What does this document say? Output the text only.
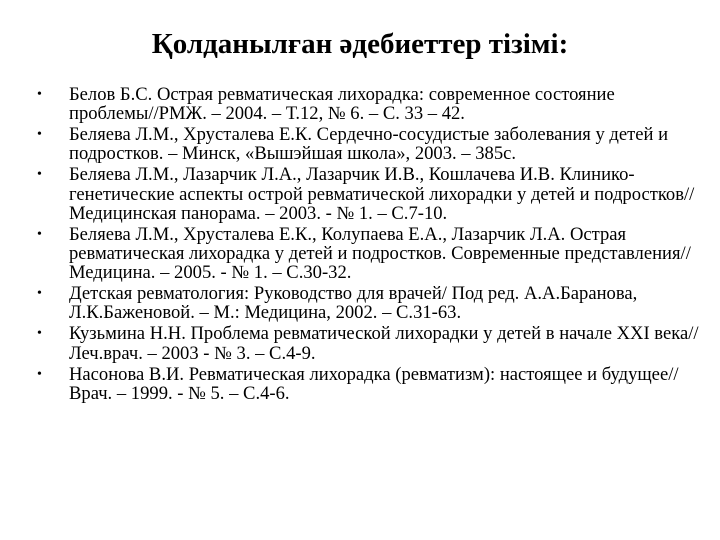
Қолданылған әдебиеттер тізімі:
• Белов Б.С. Острая ревматическая лихорадка: современное состояние проблемы//РМЖ. – 2004. – Т.12, № 6. – С. 33 – 42.
• Беляева Л.М., Хрусталева Е.К. Сердечно-сосудистые заболевания у детей и подростков. – Минск, «Вышэйшая школа», 2003. – 385с.
• Беляева Л.М., Лазарчик Л.А., Лазарчик И.В., Кошлачева И.В. Клинико-генетические аспекты острой ревматической лихорадки у детей и подростков//Медицинская панорама. – 2003. - № 1. – С.7-10.
• Беляева Л.М., Хрусталева Е.К., Колупаева Е.А., Лазарчик Л.А. Острая ревматическая лихорадка у детей и подростков. Современные представления//Медицина. – 2005. - № 1. – С.30-32.
• Детская ревматология: Руководство для врачей/ Под ред. А.А.Баранова, Л.К.Баженовой. – М.: Медицина, 2002. – С.31-63.
• Кузьмина Н.Н. Проблема ревматической лихорадки у детей в начале XXI века// Леч.врач. – 2003 - № 3. – С.4-9.
• Насонова В.И. Ревматическая лихорадка (ревматизм): настоящее и будущее// Врач. – 1999. - № 5. – С.4-6.
